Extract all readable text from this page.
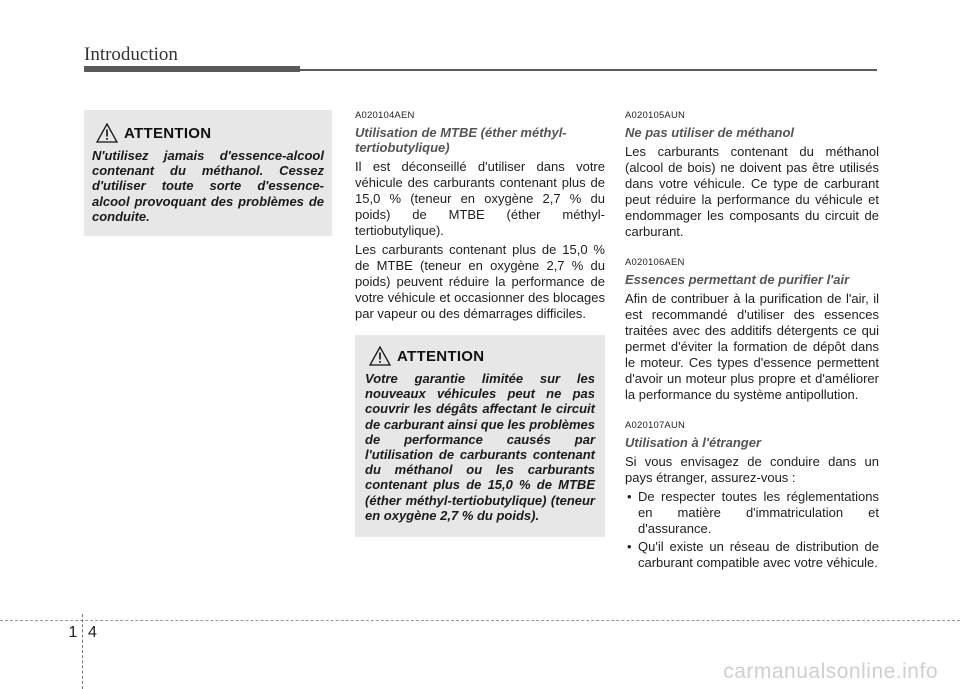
Introduction
ATTENTION
N'utilisez jamais d'essence-alcool contenant du méthanol. Cessez d'utiliser toute sorte d'essence-alcool provoquant des problèmes de conduite.
A020104AEN
Utilisation de MTBE (éther méthyl-tertiobutylique)

Il est déconseillé d'utiliser dans votre véhicule des carburants contenant plus de 15,0 % (teneur en oxygène 2,7 % du poids) de MTBE (éther méthyl-tertiobutylique).

Les carburants contenant plus de 15,0 % de MTBE (teneur en oxygène 2,7 % du poids) peuvent réduire la performance de votre véhicule et occasionner des blocages par vapeur ou des démarrages difficiles.

ATTENTION
Votre garantie limitée sur les nouveaux véhicules peut ne pas couvrir les dégâts affectant le circuit de carburant ainsi que les problèmes de performance causés par l'utilisation de carburants contenant du méthanol ou les carburants contenant plus de 15,0 % de MTBE (éther méthyl-tertiobutylique) (teneur en oxygène 2,7 % du poids).
A020105AUN
Ne pas utiliser de méthanol

Les carburants contenant du méthanol (alcool de bois) ne doivent pas être utilisés dans votre véhicule. Ce type de carburant peut réduire la performance du véhicule et endommager les composants du circuit de carburant.

A020106AEN
Essences permettant de purifier l'air

Afin de contribuer à la purification de l'air, il est recommandé d'utiliser des essences traitées avec des additifs détergents ce qui permet d'éviter la formation de dépôt dans le moteur. Ces types d'essence permettent d'avoir un moteur plus propre et d'améliorer la performance du système antipollution.

A020107AUN
Utilisation à l'étranger

Si vous envisagez de conduire dans un pays étranger, assurez-vous :

• De respecter toutes les réglementations en matière d'immatriculation et d'assurance.
• Qu'il existe un réseau de distribution de carburant compatible avec votre véhicule.
1 4
carmanualsonline.info
